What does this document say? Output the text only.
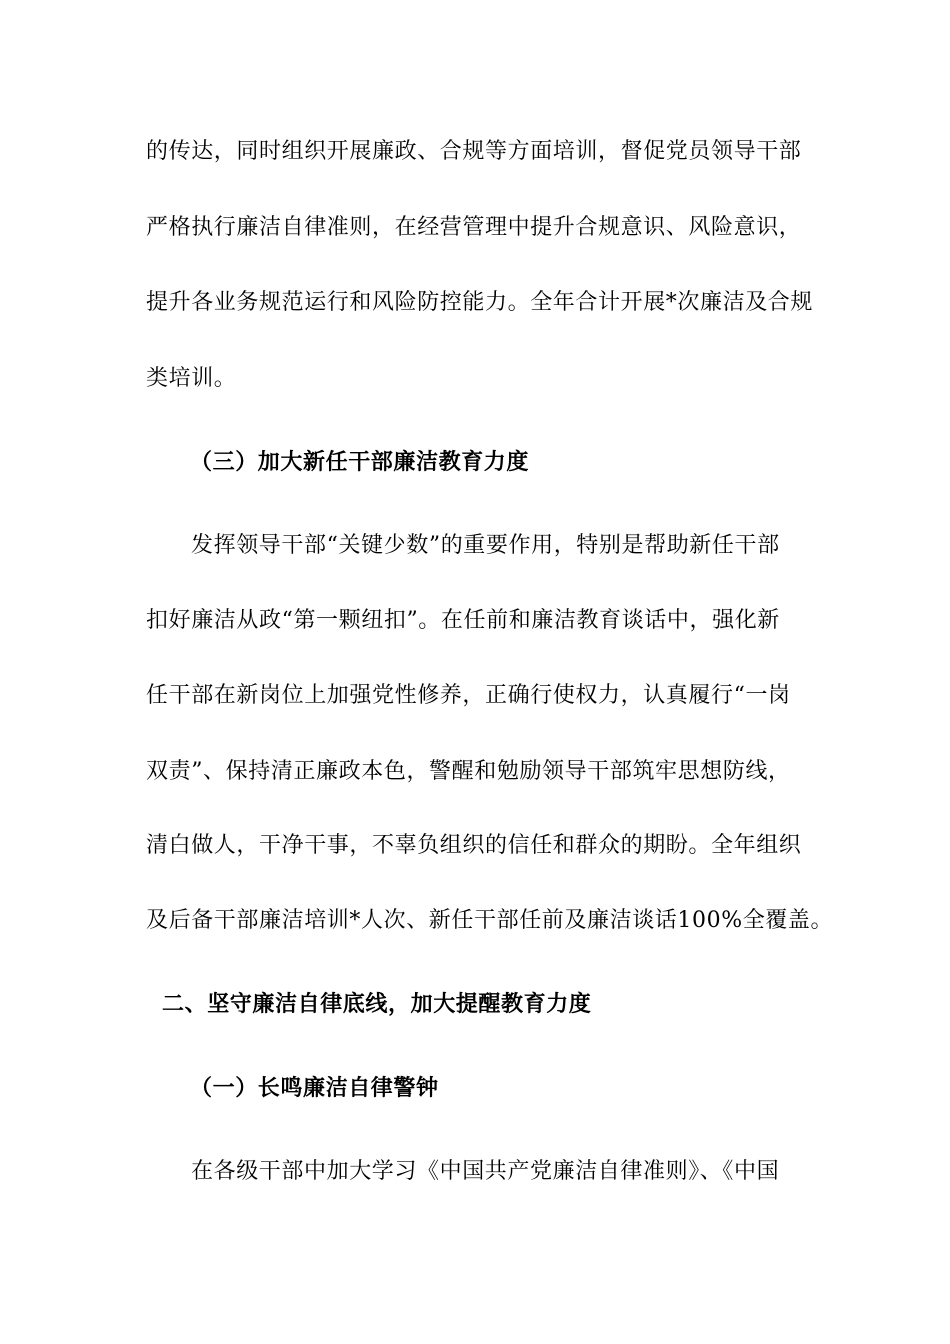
的传达，同时组织开展廉政、合规等方面培训，督促党员领导干部
严格执行廉洁自律准则，在经营管理中提升合规意识、风险意识，
提升各业务规范运行和风险防控能力。全年合计开展*次廉洁及合规
类培训。
（三）加大新任干部廉洁教育力度
发挥领导干部“关键少数”的重要作用，特别是帮助新任干部
扣好廉洁从政“第一颗纽扣”。在任前和廉洁教育谈话中，强化新
任干部在新岗位上加强党性修养，正确行使权力，认真履行“一岗
双责”、保持清正廉政本色，警醒和勉励领导干部筑牢思想防线，
清白做人，干净干事，不辜负组织的信任和群众的期盼。全年组织
及后备干部廉洁培训*人次、新任干部任前及廉洁谈话100%全覆盖。
二、坚守廉洁自律底线，加大提醒教育力度
（一）长鸣廉洁自律警钟
在各级干部中加大学习《中国共产党廉洁自律准则》、《中国
